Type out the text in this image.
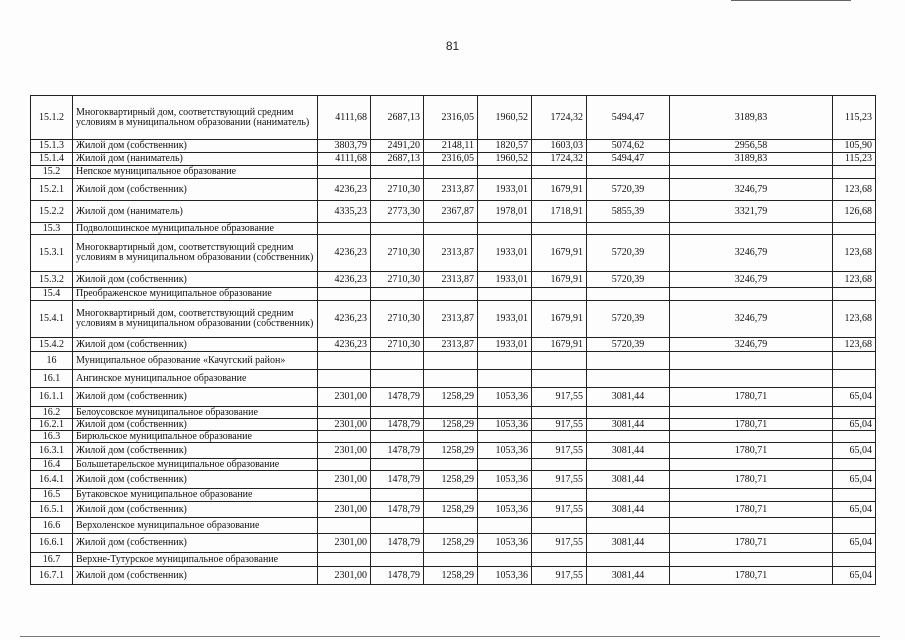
81
15.1.2	Многоквартирный дом, соответствующий средним условиям в муниципальном образовании (наниматель)	4111,68	2687,13	2316,05	1960,52	1724,32	5494,47	3189,83	115,23
15.1.3	Жилой дом (собственник)	3803,79	2491,20	2148,11	1820,57	1603,03	5074,62	2956,58	105,90
15.1.4	Жилой дом (наниматель)	4111,68	2687,13	2316,05	1960,52	1724,32	5494,47	3189,83	115,23
15.2	Непское муниципальное образование								
15.2.1	Жилой дом (собственник)	4236,23	2710,30	2313,87	1933,01	1679,91	5720,39	3246,79	123,68
15.2.2	Жилой дом (наниматель)	4335,23	2773,30	2367,87	1978,01	1718,91	5855,39	3321,79	126,68
15.3	Подволошинское муниципальное образование								
15.3.1	Многоквартирный дом, соответствующий средним условиям в муниципальном образовании (собственник)	4236,23	2710,30	2313,87	1933,01	1679,91	5720,39	3246,79	123,68
15.3.2	Жилой дом (собственник)	4236,23	2710,30	2313,87	1933,01	1679,91	5720,39	3246,79	123,68
15.4	Преображенское муниципальное образование								
15.4.1	Многоквартирный дом, соответствующий средним условиям в муниципальном образовании (собственник)	4236,23	2710,30	2313,87	1933,01	1679,91	5720,39	3246,79	123,68
15.4.2	Жилой дом (собственник)	4236,23	2710,30	2313,87	1933,01	1679,91	5720,39	3246,79	123,68
16	Муниципальное образование «Качугский район»								
16.1	Ангинское муниципальное образование								
16.1.1	Жилой дом (собственник)	2301,00	1478,79	1258,29	1053,36	917,55	3081,44	1780,71	65,04
16.2	Белоусовское муниципальное образование								
16.2.1	Жилой дом (собственник)	2301,00	1478,79	1258,29	1053,36	917,55	3081,44	1780,71	65,04
16.3	Бирюльское муниципальное образование								
16.3.1	Жилой дом (собственник)	2301,00	1478,79	1258,29	1053,36	917,55	3081,44	1780,71	65,04
16.4	Большетарельское муниципальное образование								
16.4.1	Жилой дом (собственник)	2301,00	1478,79	1258,29	1053,36	917,55	3081,44	1780,71	65,04
16.5	Бутаковское муниципальное образование								
16.5.1	Жилой дом (собственник)	2301,00	1478,79	1258,29	1053,36	917,55	3081,44	1780,71	65,04
16.6	Верхоленское муниципальное образование								
16.6.1	Жилой дом (собственник)	2301,00	1478,79	1258,29	1053,36	917,55	3081,44	1780,71	65,04
16.7	Верхне-Тутурское муниципальное образование								
16.7.1	Жилой дом (собственник)	2301,00	1478,79	1258,29	1053,36	917,55	3081,44	1780,71	65,04
